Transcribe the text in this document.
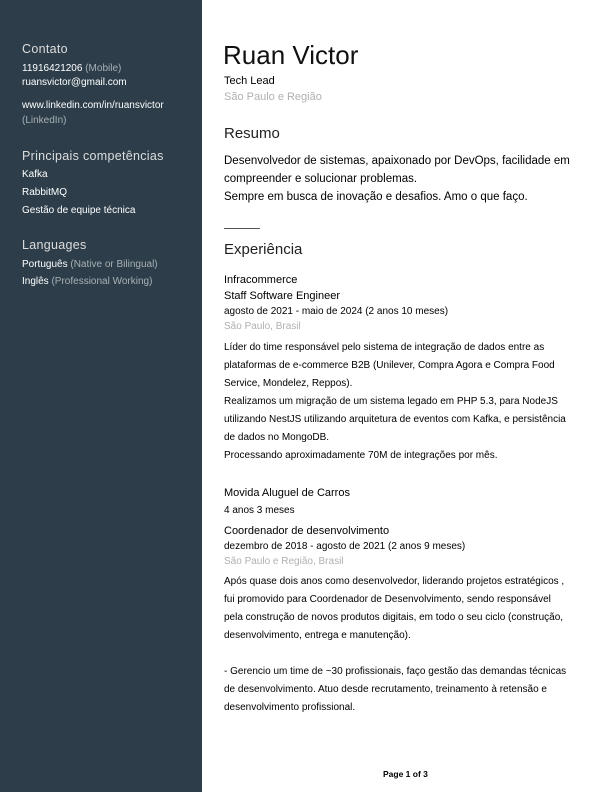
Contato
11916421206 (Mobile)
ruansvictor@gmail.com
www.linkedin.com/in/ruansvictor
(LinkedIn)
Principais competências
Kafka
RabbitMQ
Gestão de equipe técnica
Languages
Português (Native or Bilingual)
Inglês (Professional Working)
Ruan Victor
Tech Lead
São Paulo e Região
Resumo
Desenvolvedor de sistemas, apaixonado por DevOps, facilidade em
compreender e solucionar problemas.
Sempre em busca de inovação e desafios. Amo o que faço.
Experiência
Infracommerce
Staff Software Engineer
agosto de 2021 - maio de 2024 (2 anos 10 meses)
São Paulo, Brasil
Líder do time responsável pelo sistema de integração de dados entre as
plataformas de e-commerce B2B (Unilever, Compra Agora e Compra Food
Service, Mondelez, Reppos).
Realizamos um migração de um sistema legado em PHP 5.3, para NodeJS
utilizando NestJS utilizando arquitetura de eventos com Kafka, e persistência
de dados no MongoDB.
Processando aproximadamente 70M de integrações por mês.
Movida Aluguel de Carros
4 anos 3 meses
Coordenador de desenvolvimento
dezembro de 2018 - agosto de 2021 (2 anos 9 meses)
São Paulo e Região, Brasil
Após quase dois anos como desenvolvedor, liderando projetos estratégicos ,
fui promovido para Coordenador de Desenvolvimento, sendo responsável
pela construção de novos produtos digitais, em todo o seu ciclo (construção,
desenvolvimento, entrega e manutenção).
- Gerencio um time de ~30 profissionais, faço gestão das demandas técnicas
de desenvolvimento. Atuo desde recrutamento, treinamento à retensão e
desenvolvimento profissional.
Page 1 of 3
